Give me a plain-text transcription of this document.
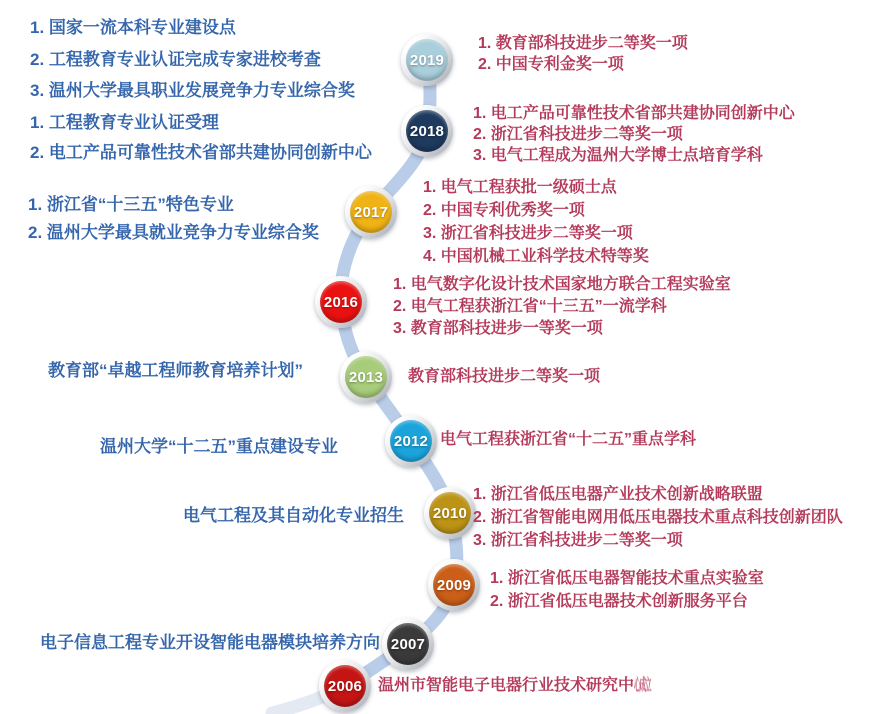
2019
2018
2017
2016
2013
2012
2010
2009
2007
2006
1. 国家一流本科专业建设点
2. 工程教育专业认证完成专家进校考查
3. 温州大学最具职业发展竞争力专业综合奖
1. 工程教育专业认证受理
2. 电工产品可靠性技术省部共建协同创新中心
1. 浙江省“十三五”特色专业
2. 温州大学最具就业竞争力专业综合奖
教育部“卓越工程师教育培养计划”
温州大学“十二五”重点建设专业
电气工程及其自动化专业招生
电子信息工程专业开设智能电器模块培养方向
1. 教育部科技进步二等奖一项
2. 中国专利金奖一项
1. 电工产品可靠性技术省部共建协同创新中心
2. 浙江省科技进步二等奖一项
3. 电气工程成为温州大学博士点培育学科
1. 电气工程获批一级硕士点
2. 中国专利优秀奖一项
3. 浙江省科技进步二等奖一项
4. 中国机械工业科学技术特等奖
1. 电气数字化设计技术国家地方联合工程实验室
2. 电气工程获浙江省“十三五”一流学科
3. 教育部科技进步一等奖一项
教育部科技进步二等奖一项
电气工程获浙江省“十二五”重点学科
1. 浙江省低压电器产业技术创新战略联盟
2. 浙江省智能电网用低压电器技术重点科技创新团队
3. 浙江省科技进步二等奖一项
1. 浙江省低压电器智能技术重点实验室
2. 浙江省低压电器技术创新服务平台
温州市智能电子电器行业技术研究中心成立
